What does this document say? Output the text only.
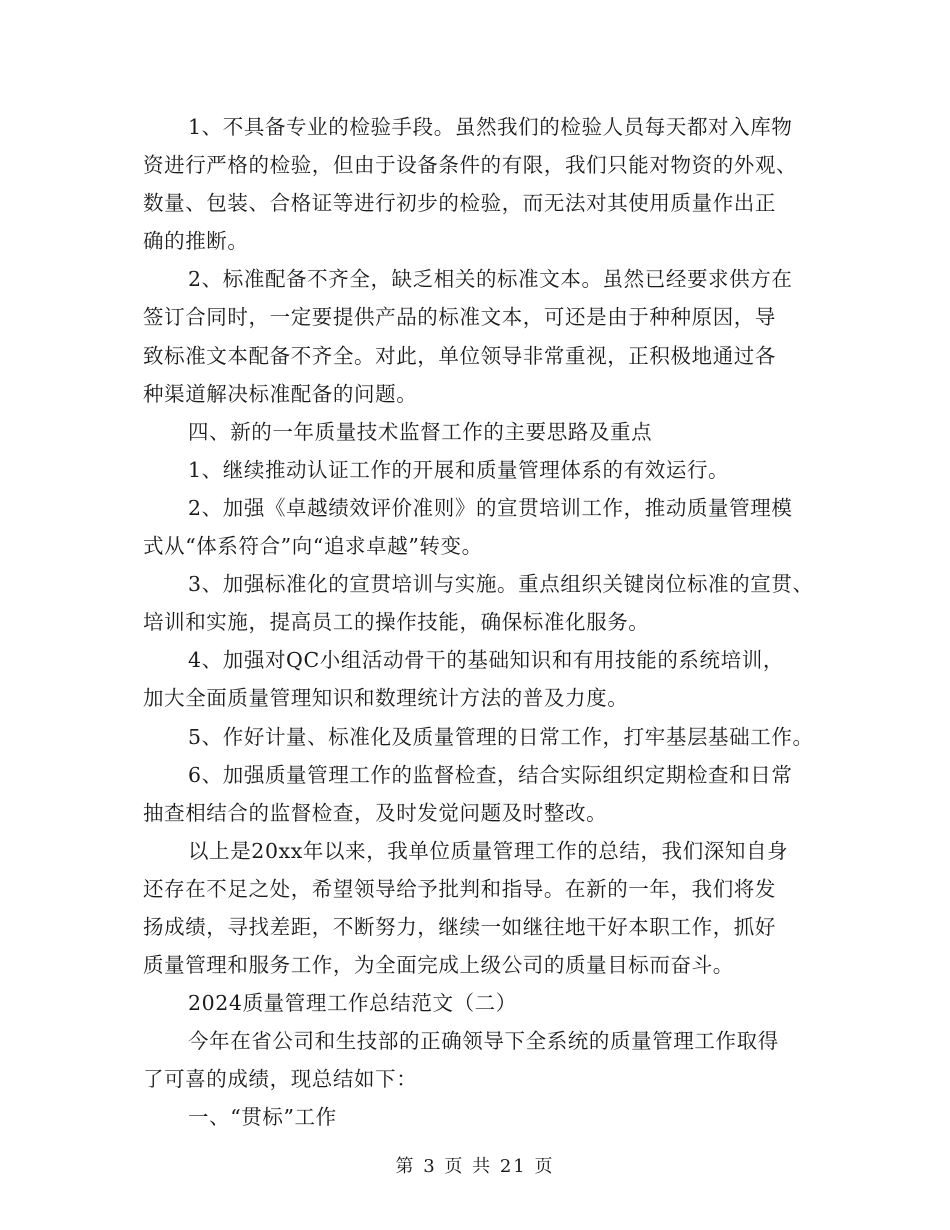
1、不具备专业的检验手段。虽然我们的检验人员每天都对入库物
资进行严格的检验，但由于设备条件的有限，我们只能对物资的外观、
数量、包装、合格证等进行初步的检验，而无法对其使用质量作出正
确的推断。
2、标准配备不齐全，缺乏相关的标准文本。虽然已经要求供方在
签订合同时，一定要提供产品的标准文本，可还是由于种种原因，导
致标准文本配备不齐全。对此，单位领导非常重视，正积极地通过各
种渠道解决标准配备的问题。
四、新的一年质量技术监督工作的主要思路及重点
1、继续推动认证工作的开展和质量管理体系的有效运行。
2、加强《卓越绩效评价准则》的宣贯培训工作，推动质量管理模
式从“体系符合”向“追求卓越”转变。
3、加强标准化的宣贯培训与实施。重点组织关键岗位标准的宣贯、
培训和实施，提高员工的操作技能，确保标准化服务。
4、加强对QC小组活动骨干的基础知识和有用技能的系统培训，
加大全面质量管理知识和数理统计方法的普及力度。
5、作好计量、标准化及质量管理的日常工作，打牢基层基础工作。
6、加强质量管理工作的监督检查，结合实际组织定期检查和日常
抽查相结合的监督检查，及时发觉问题及时整改。
以上是20xx年以来，我单位质量管理工作的总结，我们深知自身
还存在不足之处，希望领导给予批判和指导。在新的一年，我们将发
扬成绩，寻找差距，不断努力，继续一如继往地干好本职工作，抓好
质量管理和服务工作，为全面完成上级公司的质量目标而奋斗。
2024质量管理工作总结范文（二）
今年在省公司和生技部的正确领导下全系统的质量管理工作取得
了可喜的成绩，现总结如下：
一、“贯标”工作
第 3 页 共 21 页
